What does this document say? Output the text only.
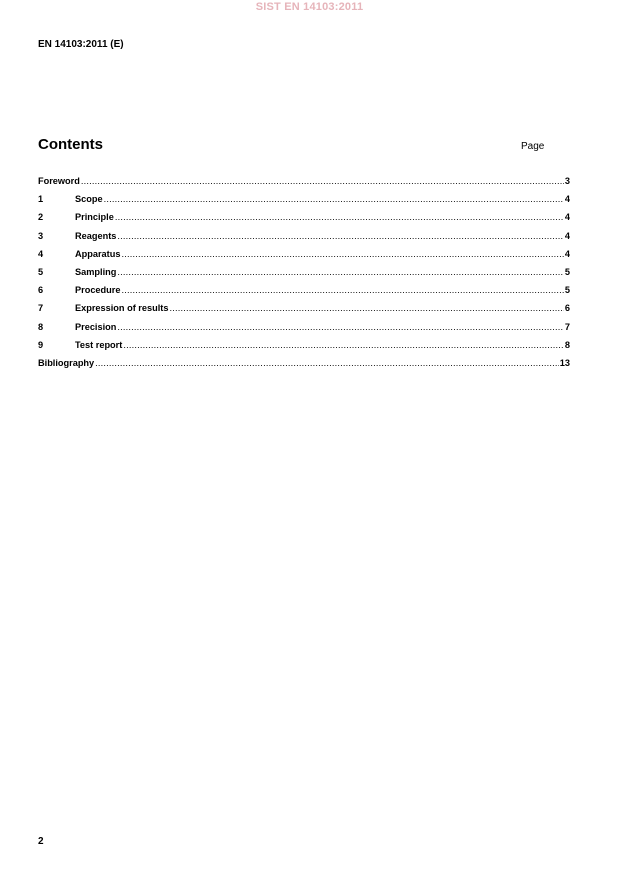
SIST EN 14103:2011
EN 14103:2011 (E)
Contents	Page
Foreword .....	3
1	Scope .....	4
2	Principle .....	4
3	Reagents .....	4
4	Apparatus .....	4
5	Sampling .....	5
6	Procedure .....	5
7	Expression of results .....	6
8	Precision .....	7
9	Test report .....	8
Bibliography .....	13
2
